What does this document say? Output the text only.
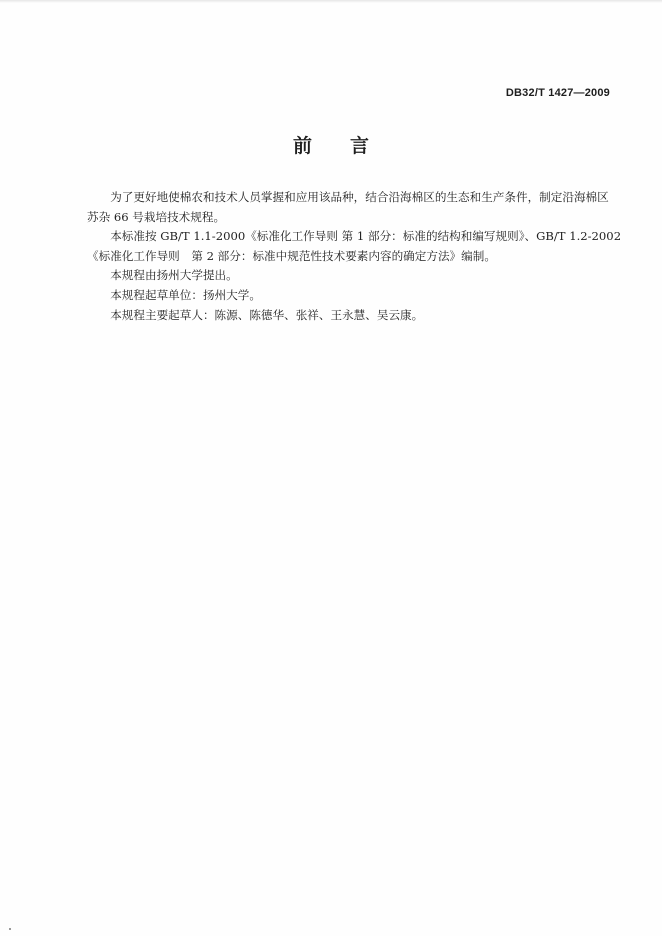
DB32/T 1427—2009
前言

为了更好地使棉农和技术人员掌握和应用该品种，结合沿海棉区的生态和生产条件，制定沿海棉区
苏杂 66 号栽培技术规程。

本标准按 GB/T 1.1-2000《标准化工作导则 第 1 部分：标准的结构和编写规则》、GB/T 1.2-2002
《标准化工作导则　第 2 部分：标准中规范性技术要素内容的确定方法》编制。

本规程由扬州大学提出。

本规程起草单位：扬州大学。

本规程主要起草人：陈源、陈德华、张祥、王永慧、吴云康。
